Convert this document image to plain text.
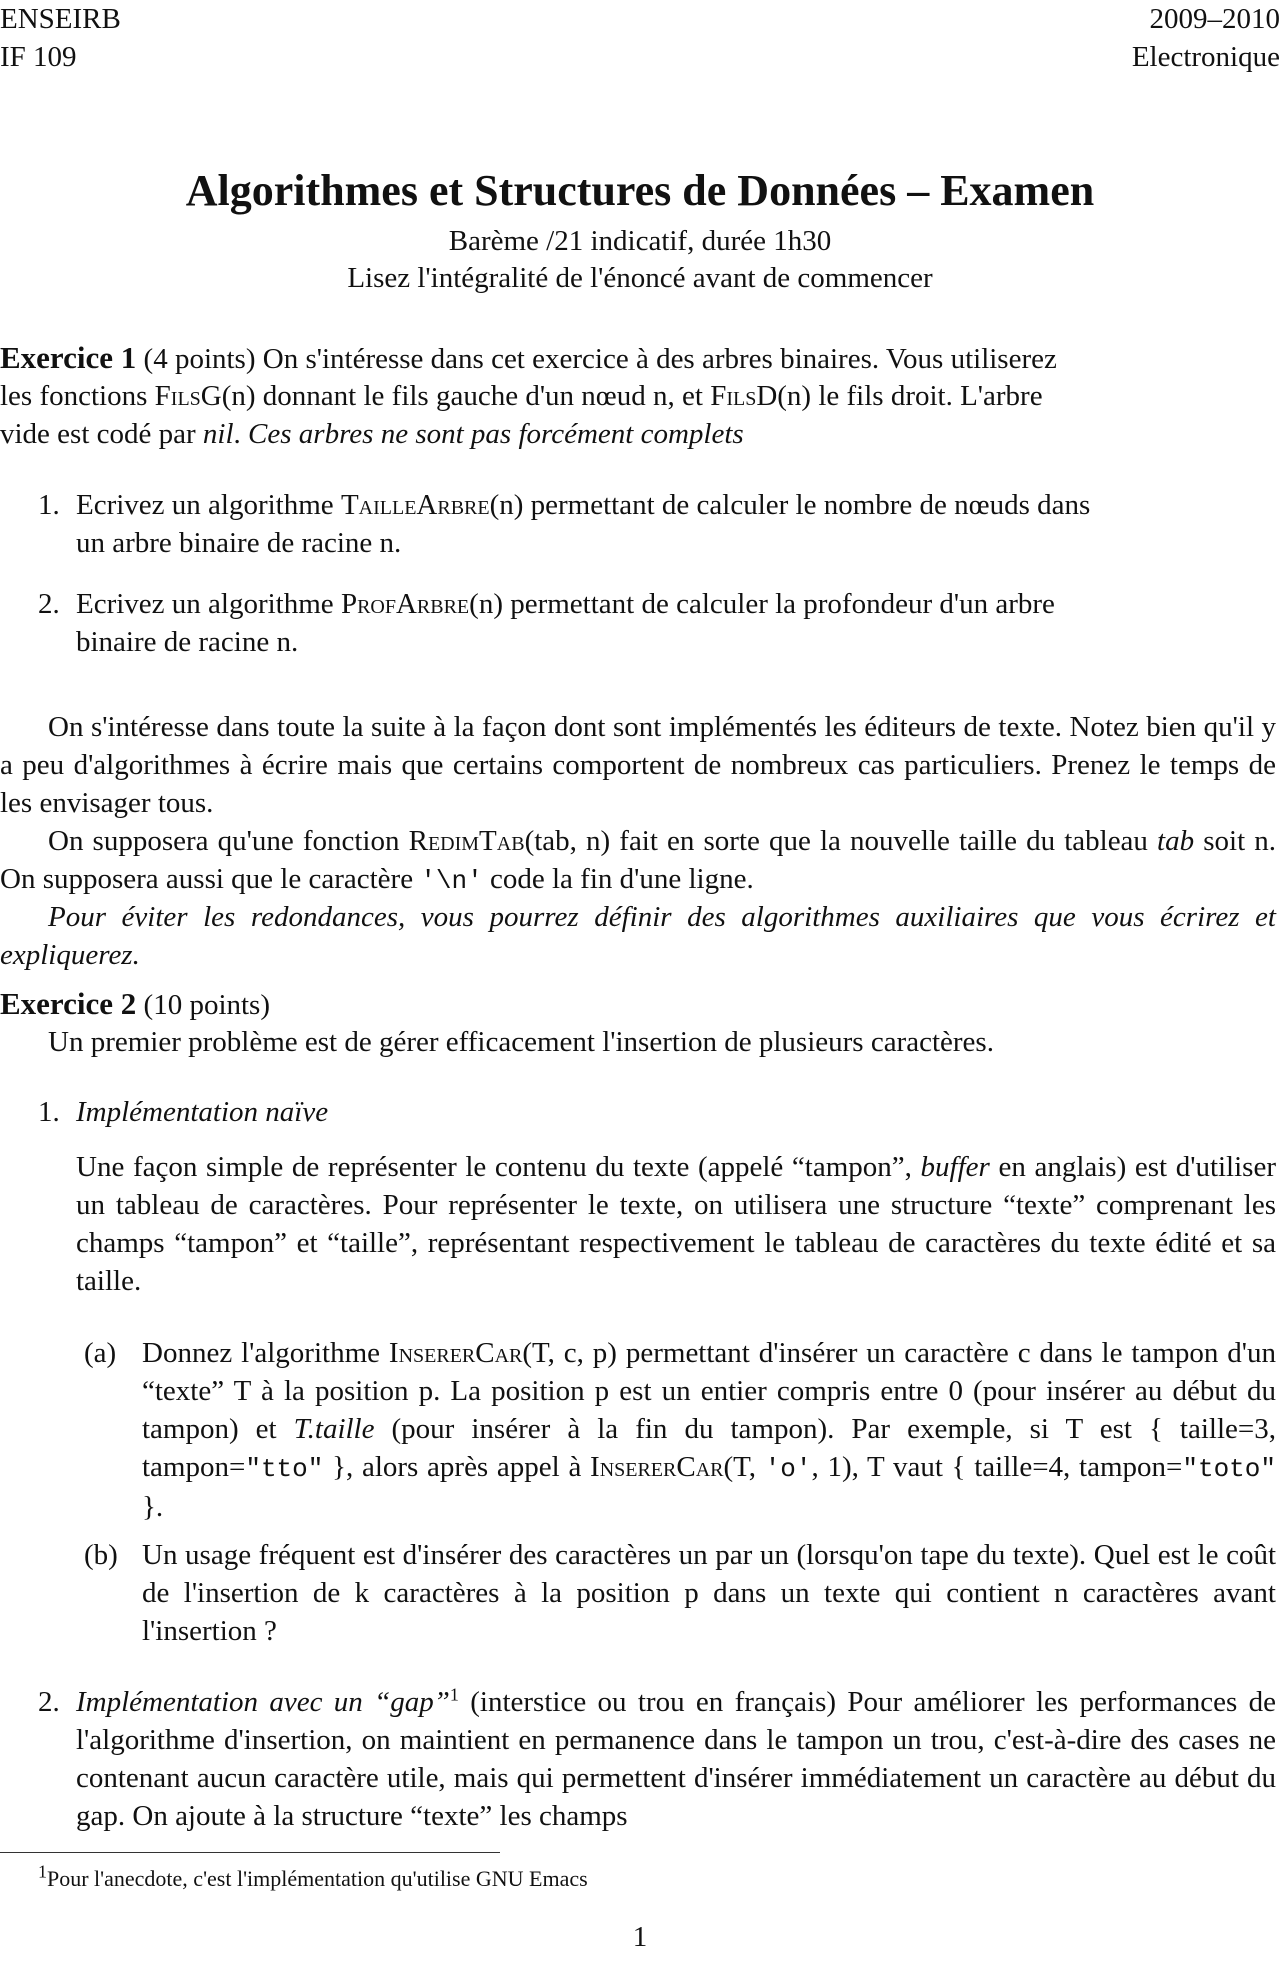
ENSEIRB
IF 109
2009–2010
Electronique
Algorithmes et Structures de Données – Examen
Barème /21 indicatif, durée 1h30
Lisez l'intégralité de l'énoncé avant de commencer
Exercice 1 (4 points) On s'intéresse dans cet exercice à des arbres binaires. Vous utiliserez
les fonctions FilsG(n) donnant le fils gauche d'un nœud n, et FilsD(n) le fils droit. L'arbre
vide est codé par nil. Ces arbres ne sont pas forcément complets
1. Ecrivez un algorithme TailleArbre(n) permettant de calculer le nombre de nœuds dans
un arbre binaire de racine n.
2. Ecrivez un algorithme ProfArbre(n) permettant de calculer la profondeur d'un arbre
binaire de racine n.
On s'intéresse dans toute la suite à la façon dont sont implémentés les éditeurs de texte. Notez bien qu'il y a peu d'algorithmes à écrire mais que certains comportent de nombreux cas particuliers. Prenez le temps de les envisager tous.
On supposera qu'une fonction RedimTab(tab, n) fait en sorte que la nouvelle taille du tableau tab soit n. On supposera aussi que le caractère '\n' code la fin d'une ligne.
Pour éviter les redondances, vous pourrez définir des algorithmes auxiliaires que vous écrirez et expliquerez.
Exercice 2 (10 points)
Un premier problème est de gérer efficacement l'insertion de plusieurs caractères.
1. Implémentation naïve
Une façon simple de représenter le contenu du texte (appelé “tampon”, buffer en anglais) est d'utiliser un tableau de caractères. Pour représenter le texte, on utilisera une structure “texte” comprenant les champs “tampon” et “taille”, représentant respectivement le tableau de caractères du texte édité et sa taille.
(a) Donnez l'algorithme InsererCar(T, c, p) permettant d'insérer un caractère c dans le tampon d'un “texte” T à la position p. La position p est un entier compris entre 0 (pour insérer au début du tampon) et T.taille (pour insérer à la fin du tampon). Par exemple, si T est { taille=3, tampon="tto" }, alors après appel à InsererCar(T, 'o', 1), T vaut { taille=4, tampon="toto" }.
(b) Un usage fréquent est d'insérer des caractères un par un (lorsqu'on tape du texte). Quel est le coût de l'insertion de k caractères à la position p dans un texte qui contient n caractères avant l'insertion ?
2. Implémentation avec un “gap”$^1$ (interstice ou trou en français) Pour améliorer les performances de l'algorithme d'insertion, on maintient en permanence dans le tampon un trou, c'est-à-dire des cases ne contenant aucun caractère utile, mais qui permettent d'insérer immédiatement un caractère au début du gap. On ajoute à la structure “texte” les champs
$^1$Pour l'anecdote, c'est l'implémentation qu'utilise GNU Emacs
1
